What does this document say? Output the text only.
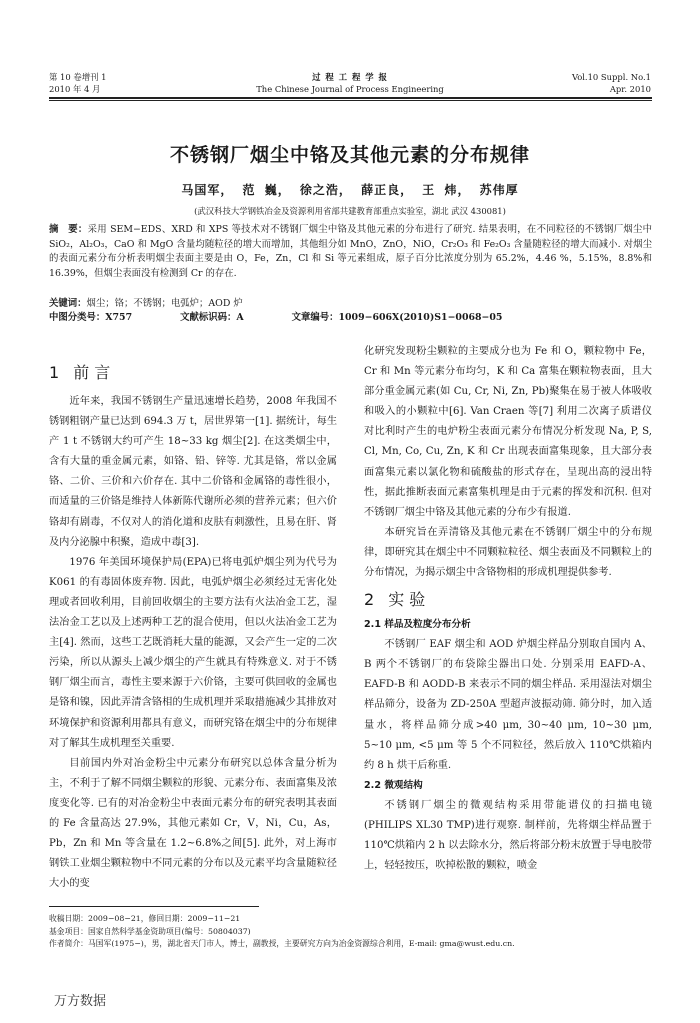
第 10 卷增刊 1
2010 年 4 月
过 程 工 程 学 报
The Chinese Journal of Process Engineering
Vol.10 Suppl. No.1
Apr. 2010
不锈钢厂烟尘中铬及其他元素的分布规律
马国军， 范 巍， 徐之浩， 薛正良， 王 炜， 苏伟厚
(武汉科技大学钢铁冶金及资源利用省部共建教育部重点实验室，湖北 武汉 430081)
摘　要：采用 SEM−EDS、XRD 和 XPS 等技术对不锈钢厂烟尘中铬及其他元素的分布进行了研究. 结果表明，在不同粒径的不锈钢厂烟尘中 SiO₂，Al₂O₃，CaO 和 MgO 含量均随粒径的增大而增加，其他组分如 MnO，ZnO，NiO，Cr₂O₃ 和 Fe₂O₃ 含量随粒径的增大而减小. 对烟尘的表面元素分布分析表明烟尘表面主要是由 O，Fe，Zn，Cl 和 Si 等元素组成，原子百分比浓度分别为 65.2%，4.46 %，5.15%，8.8%和 16.39%，但烟尘表面没有检测到 Cr 的存在.
关键词：烟尘；铬；不锈钢；电弧炉；AOD 炉
中图分类号：X757	文献标识码：A	文章编号：1009−606X(2010)S1−0068−05
1 前 言

近年来，我国不锈钢生产量迅速增长趋势，2008 年我国不锈钢粗钢产量已达到 694.3 万 t，居世界第一[1]. 据统计，每生产 1 t 不锈钢大约可产生 18~33 kg 烟尘[2]. 在这类烟尘中，含有大量的重金属元素，如铬、铅、锌等. 尤其是铬，常以金属铬、二价、三价和六价存在. 其中二价铬和金属铬的毒性很小，而适量的三价铬是维持人体新陈代谢所必须的营养元素；但六价铬却有剧毒，不仅对人的消化道和皮肤有刺激性，且易在肝、肾及内分泌腺中积聚，造成中毒[3].

1976 年美国环境保护局(EPA)已将电弧炉烟尘列为代号为 K061 的有毒固体废弃物. 因此，电弧炉烟尘必须经过无害化处理或者回收利用，目前回收烟尘的主要方法有火法冶金工艺，湿法冶金工艺以及上述两种工艺的混合使用，但以火法冶金工艺为主[4]. 然而，这些工艺既消耗大量的能源，又会产生一定的二次污染，所以从源头上减少烟尘的产生就具有特殊意义. 对于不锈钢厂烟尘而言，毒性主要来源于六价铬，主要可供回收的金属也是铬和镍，因此弄清含铬相的生成机理并采取措施减少其排放对环境保护和资源利用都具有意义，而研究铬在烟尘中的分布规律对了解其生成机理至关重要.

目前国内外对冶金粉尘中元素分布研究以总体含量分析为主，不利于了解不同烟尘颗粒的形貌、元素分布、表面富集及浓度变化等. 已有的对冶金粉尘中表面元素分布的研究表明其表面的 Fe 含量高达 27.9%，其他元素如 Cr，V，Ni，Cu，As，Pb，Zn 和 Mn 等含量在 1.2~6.8%之间[5]. 此外，对上海市钢铁工业烟尘颗粒物中不同元素的分布以及元素平均含量随粒径大小的变

化研究发现粉尘颗粒的主要成分也为 Fe 和 O，颗粒物中 Fe，Cr 和 Mn 等元素分布均匀，K 和 Ca 富集在颗粒物表面，且大部分重金属元素(如 Cu, Cr, Ni, Zn, Pb)聚集在易于被人体吸收和吸入的小颗粒中[6]. Van Craen 等[7] 利用二次离子质谱仪对比利时产生的电炉粉尘表面元素分布情况分析发现 Na, P, S, Cl, Mn, Co, Cu, Zn, K 和 Cr 出现表面富集现象，且大部分表面富集元素以氯化物和硫酸盐的形式存在，呈现出高的浸出特性，据此推断表面元素富集机理是由于元素的挥发和沉积. 但对不锈钢厂烟尘中铬及其他元素的分布少有报道.

本研究旨在弄清铬及其他元素在不锈钢厂烟尘中的分布规律，即研究其在烟尘中不同颗粒粒径、烟尘表面及不同颗粒上的分布情况，为揭示烟尘中含铬物相的形成机理提供参考.

2 实 验
2.1 样品及粒度分布分析

不锈钢厂 EAF 烟尘和 AOD 炉烟尘样品分别取自国内 A、B 两个不锈钢厂的布袋除尘器出口处. 分别采用 EAFD-A、EAFD-B 和 AODD-B 来表示不同的烟尘样品. 采用湿法对烟尘样品筛分，设备为 ZD-250A 型超声波振动筛. 筛分时，加入适量水，将样品筛分成>40 μm, 30~40 μm, 10~30 μm, 5~10 μm, <5 μm 等 5 个不同粒径，然后放入 110℃烘箱内约 8 h 烘干后称重.

2.2 微观结构

不锈钢厂烟尘的微观结构采用带能谱仪的扫描电镜(PHILIPS XL30 TMP)进行观察. 制样前，先将烟尘样品置于 110℃烘箱内 2 h 以去除水分，然后将部分粉末放置于导电胶带上，轻轻按压，吹掉松散的颗粒，喷金

收稿日期：2009−08−21，修回日期：2009−11−21
基金项目：国家自然科学基金资助项目(编号：50804037)
作者简介：马国军(1975−)，男，湖北省天门市人，博士，副教授，主要研究方向为冶金资源综合利用，E-mail: gma@wust.edu.cn.
万方数据
